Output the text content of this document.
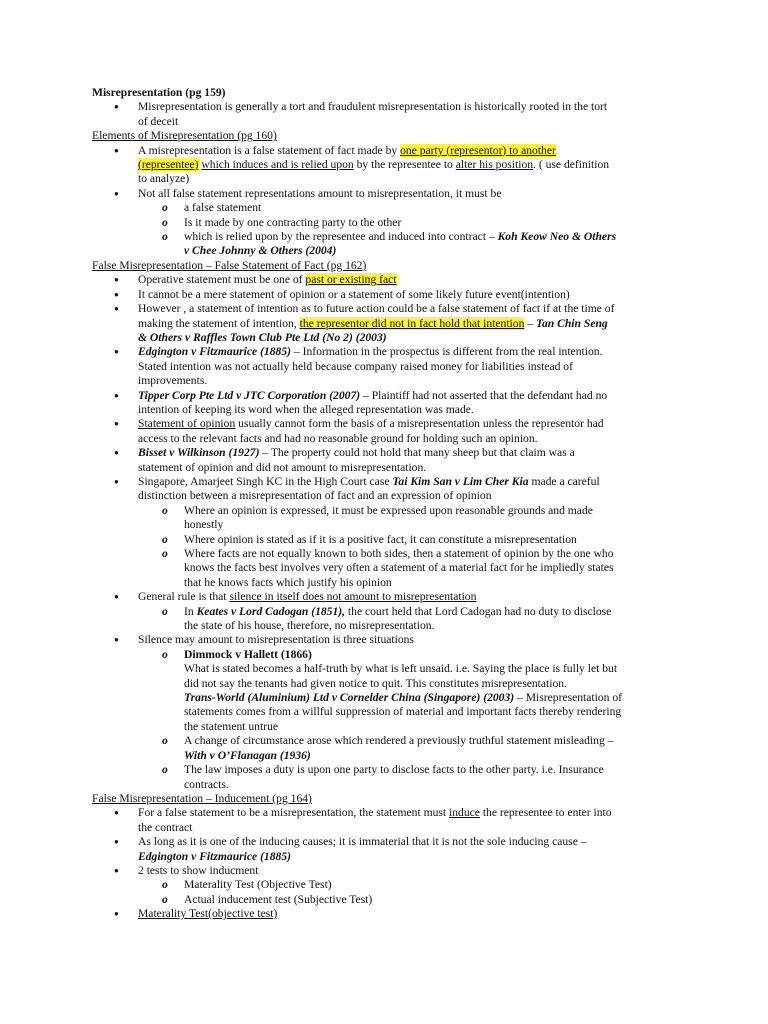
Misrepresentation (pg 159)
● Misrepresentation is generally a tort and fraudulent misrepresentation is historically rooted in the tort
of deceit
Elements of Misrepresentation (pg 160)
● A misrepresentation is a false statement of fact made by one party (representor) to another
(representee) which induces and is relied upon by the representee to alter his position. ( use definition
to analyze)
● Not all false statement representations amount to misrepresentation, it must be
o a false statement
o Is it made by one contracting party to the other
o which is relied upon by the representee and induced into contract – Koh Keow Neo & Others
v Chee Johnny & Others (2004)
False Misrepresentation – False Statement of Fact (pg 162)
● Operative statement must be one of past or existing fact
● It cannot be a mere statement of opinion or a statement of some likely future event(intention)
● However , a statement of intention as to future action could be a false statement of fact if at the time of
making the statement of intention, the representor did not in fact hold that intention – Tan Chin Seng
& Others v Raffles Town Club Pte Ltd (No 2) (2003)
● Edgington v Fitzmaurice (1885) – Information in the prospectus is different from the real intention.
Stated intention was not actually held because company raised money for liabilities instead of
improvements.
● Tipper Corp Pte Ltd v JTC Corporation (2007) – Plaintiff had not asserted that the defendant had no
intention of keeping its word when the alleged representation was made.
● Statement of opinion usually cannot form the basis of a misrepresentation unless the representor had
access to the relevant facts and had no reasonable ground for holding such an opinion.
● Bisset v Wilkinson (1927) – The property could not hold that many sheep but that claim was a
statement of opinion and did not amount to misrepresentation.
● Singapore, Amarjeet Singh KC in the High Court case Tai Kim San v Lim Cher Kia made a careful
distinction between a misrepresentation of fact and an expression of opinion
o Where an opinion is expressed, it must be expressed upon reasonable grounds and made
honestly
o Where opinion is stated as if it is a positive fact, it can constitute a misrepresentation
o Where facts are not equally known to both sides, then a statement of opinion by the one who
knows the facts best involves very often a statement of a material fact for he impliedly states
that he knows facts which justify his opinion
● General rule is that silence in itself does not amount to misrepresentation
o In Keates v Lord Cadogan (1851), the court held that Lord Cadogan had no duty to disclose
the state of his house, therefore, no misrepresentation.
● Silence may amount to misrepresentation is three situations
o Dimmock v Hallett (1866)
What is stated becomes a half-truth by what is left unsaid. i.e. Saying the place is fully let but
did not say the tenants had given notice to quit. This constitutes misrepresentation.
Trans-World (Aluminium) Ltd v Cornelder China (Singapore) (2003) – Misrepresentation of
statements comes from a willful suppression of material and important facts thereby rendering
the statement untrue
o A change of circumstance arose which rendered a previously truthful statement misleading –
With v O’Flanagan (1936)
o The law imposes a duty is upon one party to disclose facts to the other party. i.e. Insurance
contracts.
False Misrepresentation – Inducement (pg 164)
● For a false statement to be a misrepresentation, the statement must induce the representee to enter into
the contract
● As long as it is one of the inducing causes; it is immaterial that it is not the sole inducing cause –
Edgington v Fitzmaurice (1885)
● 2 tests to show inducment
o Materality Test (Objective Test)
o Actual inducement test (Subjective Test)
● Materality Test(objective test)
